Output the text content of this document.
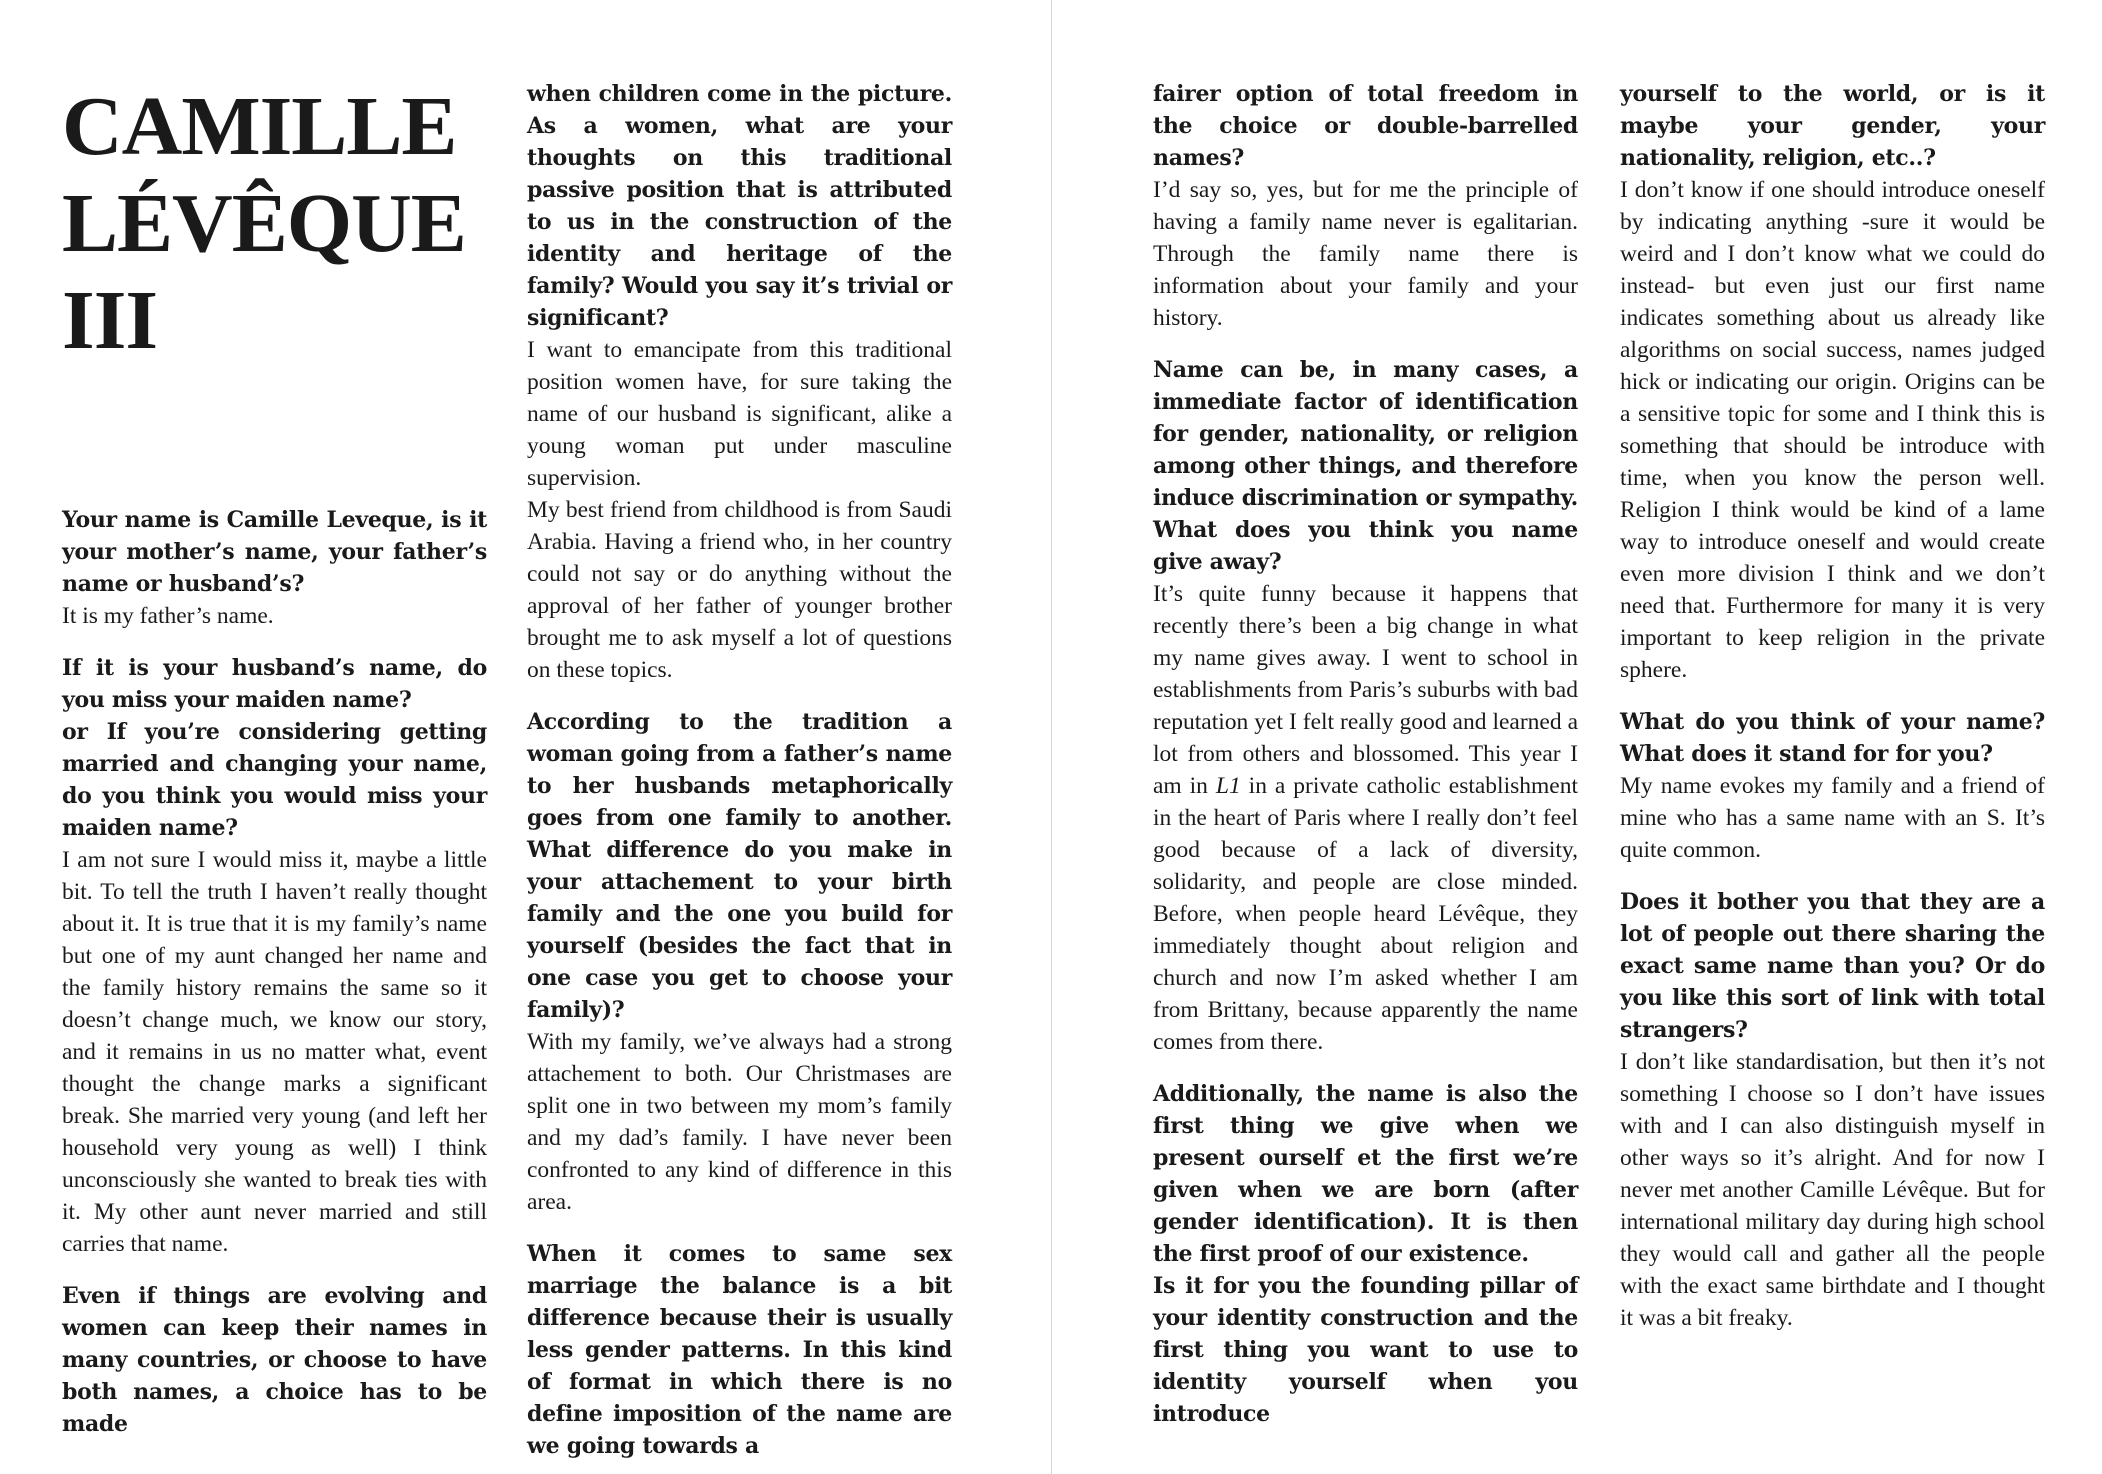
CAMILLE
LÉVÊQUE
III

Your name is Camille Leveque, is it your mother’s name, your father’s name or husband’s?

It is my father’s name.

If it is your husband’s name, do you miss your maiden name?

or If you’re considering getting married and changing your name, do you think you would miss your maiden name?

I am not sure I would miss it, maybe a little bit. To tell the truth I haven’t really thought about it. It is true that it is my family’s name but one of my aunt changed her name and the family history remains the same so it doesn’t change much, we know our story, and it remains in us no matter what, event thought the change marks a significant break. She married very young (and left her household very young as well) I think unconsciously she wanted to break ties with it. My other aunt never married and still carries that name.

Even if things are evolving and women can keep their names in many countries, or choose to have both names, a choice has to be made

when children come in the picture. As a women, what are your thoughts on this traditional passive position that is attributed to us in the construction of the identity and heritage of the family? Would you say it’s trivial or significant?

I want to emancipate from this traditional position women have, for sure taking the name of our husband is significant, alike a young woman put under masculine supervision.

My best friend from childhood is from Saudi Arabia. Having a friend who, in her country could not say or do anything without the approval of her father of younger brother brought me to ask myself a lot of questions on these topics.

According to the tradition a woman going from a father’s name to her husbands metaphorically goes from one family to another. What difference do you make in your attachement to your birth family and the one you build for yourself (besides the fact that in one case you get to choose your family)?

With my family, we’ve always had a strong attachement to both. Our Christmases are split one in two between my mom’s family and my dad’s family. I have never been confronted to any kind of difference in this area.

When it comes to same sex marriage the balance is a bit difference because their is usually less gender patterns. In this kind of format in which there is no define imposition of the name are we going towards a

fairer option of total freedom in the choice or double-barrelled names?

I’d say so, yes, but for me the principle of having a family name never is egalitarian. Through the family name there is information about your family and your history.

Name can be, in many cases, a immediate factor of identification for gender, nationality, or religion among other things, and therefore induce discrimination or sympathy. What does you think you name give away?

It’s quite funny because it happens that recently there’s been a big change in what my name gives away. I went to school in establishments from Paris’s suburbs with bad reputation yet I felt really good and learned a lot from others and blossomed. This year I am in L1 in a private catholic establishment in the heart of Paris where I really don’t feel good because of a lack of diversity, solidarity, and people are close minded. Before, when people heard Lévêque, they immediately thought about religion and church and now I’m asked whether I am from Brittany, because apparently the name comes from there.

Additionally, the name is also the first thing we give when we present ourself et the first we’re given when we are born (after gender identification). It is then the first proof of our existence.

Is it for you the founding pillar of your identity construction and the first thing you want to use to identity yourself when you introduce

yourself to the world, or is it maybe your gender, your nationality, religion, etc..?

I don’t know if one should introduce oneself by indicating anything -sure it would be weird and I don’t know what we could do instead- but even just our first name indicates something about us already like algorithms on social success, names judged hick or indicating our origin. Origins can be a sensitive topic for some and I think this is something that should be introduce with time, when you know the person well. Religion I think would be kind of a lame way to introduce oneself and would create even more division I think and we don’t need that. Furthermore for many it is very important to keep religion in the private sphere.

What do you think of your name? What does it stand for for you?

My name evokes my family and a friend of mine who has a same name with an S. It’s quite common.

Does it bother you that they are a lot of people out there sharing the exact same name than you? Or do you like this sort of link with total strangers?

I don’t like standardisation, but then it’s not something I choose so I don’t have issues with and I can also distinguish myself in other ways so it’s alright. And for now I never met another Camille Lévêque. But for international military day during high school they would call and gather all the people with the exact same birthdate and I thought it was a bit freaky.
